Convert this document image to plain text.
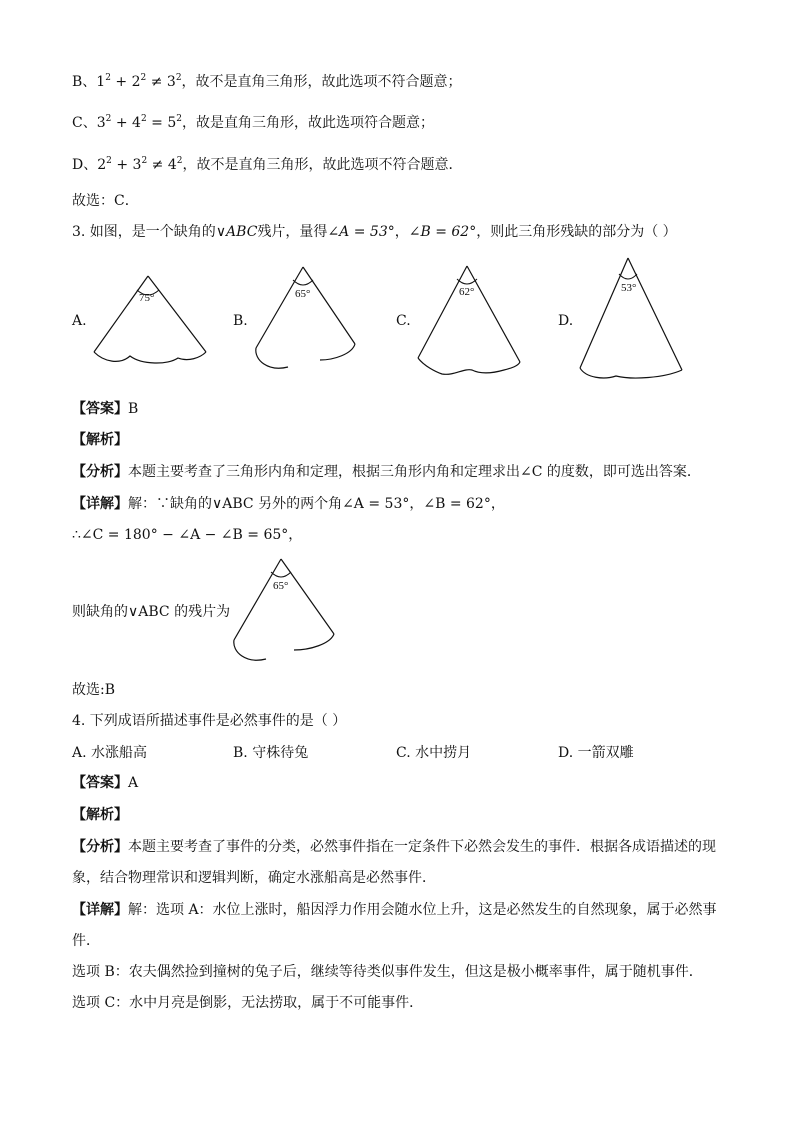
B、$1^2 + 2^2 \ne 3^2$，故不是直角三角形，故此选项不符合题意；
C、$3^2 + 4^2 = 5^2$，故是直角三角形，故此选项符合题意；
D、$2^2 + 3^2 \ne 4^2$，故不是直角三角形，故此选项不符合题意．
故选：C．
3. 如图，是一个缺角的∨ABC残片，量得∠A = 53°，∠B = 62°，则此三角形残缺的部分为（ ）
A.
75°
B.
65°
C.
62°
D.
53°
【答案】B
【解析】
【分析】本题主要考查了三角形内角和定理，根据三角形内角和定理求出∠C 的度数，即可选出答案．
【详解】解：∵缺角的∨ABC 另外的两个角∠A = 53°，∠B = 62°，
∴∠C = 180° − ∠A − ∠B = 65°，
则缺角的∨ABC 的残片为
65°
故选:B
4. 下列成语所描述事件是必然事件的是（ ）
A. 水涨船高	B. 守株待兔	C. 水中捞月	D. 一箭双雕
【答案】A
【解析】
【分析】本题主要考查了事件的分类，必然事件指在一定条件下必然会发生的事件．根据各成语描述的现
象，结合物理常识和逻辑判断，确定水涨船高是必然事件．
【详解】解：选项 A：水位上涨时，船因浮力作用会随水位上升，这是必然发生的自然现象，属于必然事
件．
选项 B：农夫偶然捡到撞树的兔子后，继续等待类似事件发生，但这是极小概率事件，属于随机事件．
选项 C：水中月亮是倒影，无法捞取，属于不可能事件．
